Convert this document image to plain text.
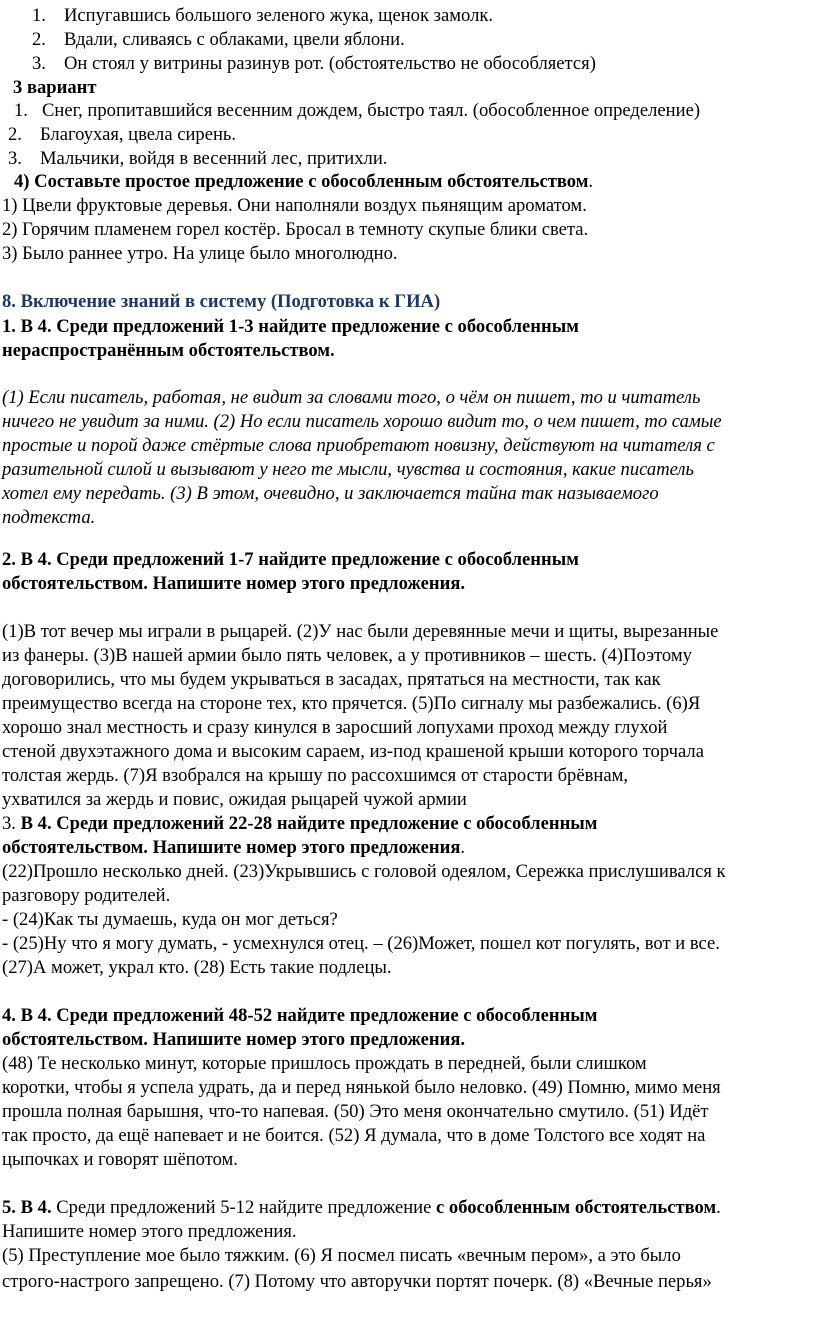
1. Испугавшись большого зеленого жука, щенок замолк.
2. Вдали, сливаясь с облаками, цвели яблони.
3. Он стоял у витрины разинув рот. (обстоятельство не обособляется)
3 вариант
1. Снег, пропитавшийся весенним дождем, быстро таял. (обособленное определение)
2. Благоухая, цвела сирень.
3. Мальчики, войдя в весенний лес, притихли.
4) Составьте простое предложение с обособленным обстоятельством.
1) Цвели фруктовые деревья. Они наполняли воздух пьянящим ароматом.
2) Горячим пламенем горел костёр. Бросал в темноту скупые блики света.
3) Было раннее утро. На улице было многолюдно.
8. Включение знаний в систему (Подготовка к ГИА)
1. В 4. Среди предложений 1-3 найдите предложение с обособленным
нераспространённым обстоятельством.
(1) Если писатель, работая, не видит за словами того, о чём он пишет, то и читатель
ничего не увидит за ними. (2) Но если писатель хорошо видит то, о чем пишет, то самые
простые и порой даже стёртые слова приобретают новизну, действуют на читателя с
разительной силой и вызывают у него те мысли, чувства и состояния, какие писатель
хотел ему передать. (3) В этом, очевидно, и заключается тайна так называемого
подтекста.
2. В 4. Среди предложений 1-7 найдите предложение с обособленным
обстоятельством. Напишите номер этого предложения.
(1)В тот вечер мы играли в рыцарей. (2)У нас были деревянные мечи и щиты, вырезанные
из фанеры. (3)В нашей армии было пять человек, а у противников – шесть. (4)Поэтому
договорились, что мы будем укрываться в засадах, прятаться на местности, так как
преимущество всегда на стороне тех, кто прячется. (5)По сигналу мы разбежались. (6)Я
хорошо знал местность и сразу кинулся в заросший лопухами проход между глухой
стеной двухэтажного дома и высоким сараем, из-под крашеной крыши которого торчала
толстая жердь. (7)Я взобрался на крышу по рассохшимся от старости брёвнам,
ухватился за жердь и повис, ожидая рыцарей чужой армии
3. В 4. Среди предложений 22-28 найдите предложение с обособленным
обстоятельством. Напишите номер этого предложения.
(22)Прошло несколько дней. (23)Укрывшись с головой одеялом, Сережка прислушивался к
разговору родителей.
- (24)Как ты думаешь, куда он мог деться?
- (25)Ну что я могу думать, - усмехнулся отец. – (26)Может, пошел кот погулять, вот и все.
(27)А может, украл кто. (28) Есть такие подлецы.
4. В 4. Среди предложений 48-52 найдите предложение с обособленным
обстоятельством. Напишите номер этого предложения.
(48) Те несколько минут, которые пришлось прождать в передней, были слишком
коротки, чтобы я успела удрать, да и перед нянькой было неловко. (49) Помню, мимо меня
прошла полная барышня, что-то напевая. (50) Это меня окончательно смутило. (51) Идёт
так просто, да ещё напевает и не боится. (52) Я думала, что в доме Толстого все ходят на
цыпочках и говорят шёпотом.
5. В 4. Среди предложений 5-12 найдите предложение с обособленным обстоятельством.
Напишите номер этого предложения.
(5) Преступление мое было тяжким. (6) Я посмел писать «вечным пером», а это было
строго-настрого запрещено. (7) Потому что авторучки портят почерк. (8) «Вечные перья»
